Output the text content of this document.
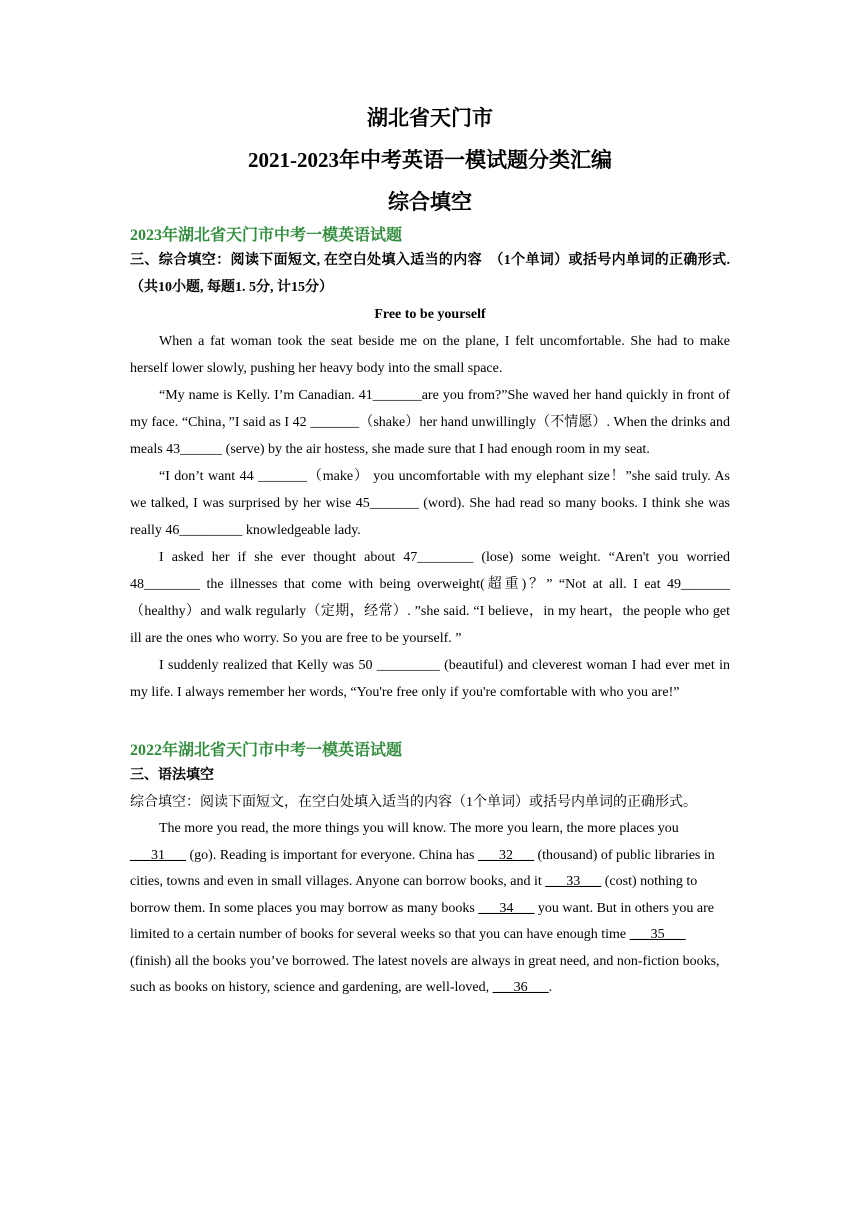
湖北省天门市
2021-2023年中考英语一模试题分类汇编
综合填空
2023年湖北省天门市中考一模英语试题

三、综合填空：阅读下面短文, 在空白处填入适当的内容　（1个单词）或括号内单词的正确形式. （共10小题, 每题1. 5分, 计15分）

Free to be yourself

When a fat woman took the seat beside me on the plane, I felt uncomfortable. She had to make herself lower slowly, pushing her heavy body into the small space.

“My name is Kelly. I’m Canadian. 41_______are you from?”She waved her hand quickly in front of my face. “China，”I said as I 42 _______（shake）her hand unwillingly（不情愿）. When the drinks and meals 43______ (serve) by the air hostess, she made sure that I had enough room in my seat.

“I don’t want 44 _______（make） you uncomfortable with my elephant size！”she said truly. As we talked, I was surprised by her wise 45_______ (word). She had read so many books. I think she was really 46_________ knowledgeable lady.

I asked her if she ever thought about 47________ (lose) some weight. “Aren't you worried 48________ the illnesses that come with being overweight(超重)？” “Not at all. I eat 49_______（healthy）and walk regularly（定期，经常）. ”she said. “I believe，in my heart，the people who get ill are the ones who worry. So you are free to be yourself. ”

I suddenly realized that Kelly was 50 _________ (beautiful) and cleverest woman I had ever met in my life. I always remember her words, “You're free only if you're comfortable with who you are!”

2022年湖北省天门市中考一模英语试题

三、语法填空

综合填空：阅读下面短文，在空白处填入适当的内容（1个单词）或括号内单词的正确形式。

The more you read, the more things you will know. The more you learn, the more places you ___31___ (go). Reading is important for everyone. China has ___32___ (thousand) of public libraries in cities, towns and even in small villages. Anyone can borrow books, and it ___33___ (cost) nothing to borrow them. In some places you may borrow as many books ___34___ you want. But in others you are limited to a certain number of books for several weeks so that you can have enough time ___35___ (finish) all the books you’ve borrowed. The latest novels are always in great need, and non-fiction books, such as books on history, science and gardening, are well-loved, ___36___.
